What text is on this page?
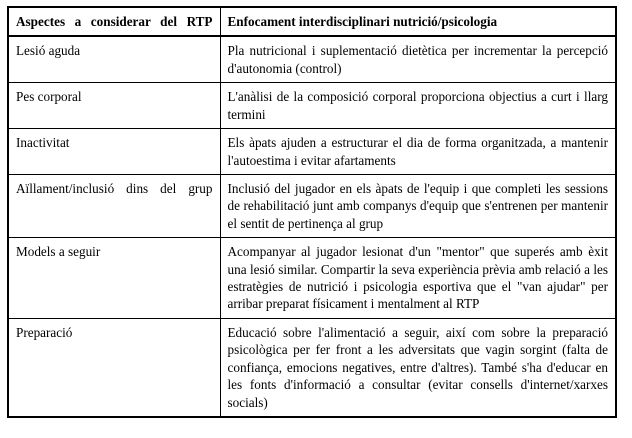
Aspectes a considerar del RTP	Enfocament interdisciplinari nutrició/psicologia
Lesió aguda	Pla nutricional i suplementació dietètica per incrementar la percepció d'autonomia (control)
Pes corporal	L'anàlisi de la composició corporal proporciona objectius a curt i llarg termini
Inactivitat	Els àpats ajuden a estructurar el dia de forma organitzada, a mantenir l'autoestima i evitar afartaments
Aïllament/inclusió dins del grup	Inclusió del jugador en els àpats de l'equip i que completi les sessions de rehabilitació junt amb companys d'equip que s'entrenen per mantenir el sentit de pertinença al grup
Models a seguir	Acompanyar al jugador lesionat d'un "mentor" que superés amb èxit una lesió similar. Compartir la seva experiència prèvia amb relació a les estratègies de nutrició i psicologia esportiva que el "van ajudar" per arribar preparat físicament i mentalment al RTP
Preparació	Educació sobre l'alimentació a seguir, així com sobre la preparació psicològica per fer front a les adversitats que vagin sorgint (falta de confiança, emocions negatives, entre d'altres). També s'ha d'educar en les fonts d'informació a consultar (evitar consells d'internet/xarxes socials)
